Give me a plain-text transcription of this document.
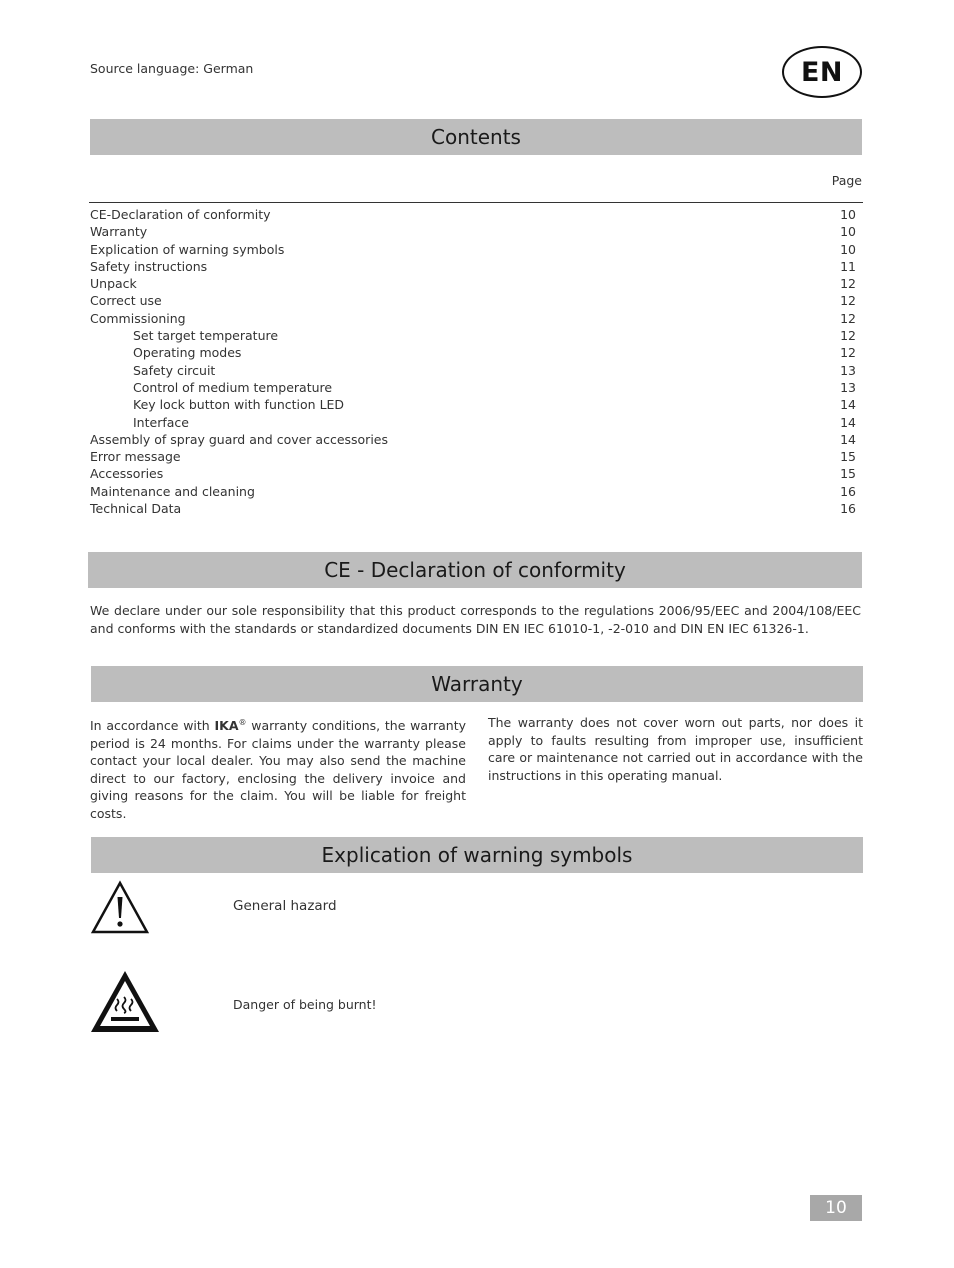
Source language: German	EN
Contents
Page
CE-Declaration of conformity	10
Warranty	10
Explication of warning symbols	10
Safety instructions	11
Unpack	12
Correct use	12
Commissioning	12
Set target temperature	12
Operating modes	12
Safety circuit	13
Control of medium temperature	13
Key lock button with function LED	14
Interface	14
Assembly of spray guard and cover accessories	14
Error message	15
Accessories	15
Maintenance and cleaning	16
Technical Data	16
CE - Declaration of conformity

We declare under our sole responsibility that this product corresponds to the regulations 2006/95/EEC and 2004/108/EEC and conforms with the standards or standardized documents DIN EN IEC 61010-1, -2-010 and DIN EN IEC 61326-1.

Warranty

In accordance with IKA® warranty conditions, the warranty period is 24 months. For claims under the warranty please contact your local dealer. You may also send the machine direct to our factory, enclosing the delivery invoice and giving reasons for the claim. You will be liable for freight costs.

The warranty does not cover worn out parts, nor does it apply to faults resulting from improper use, insufficient care or maintenance not carried out in accordance with the instructions in this operating manual.

Explication of warning symbols
General hazard
Danger of being burnt!
10
